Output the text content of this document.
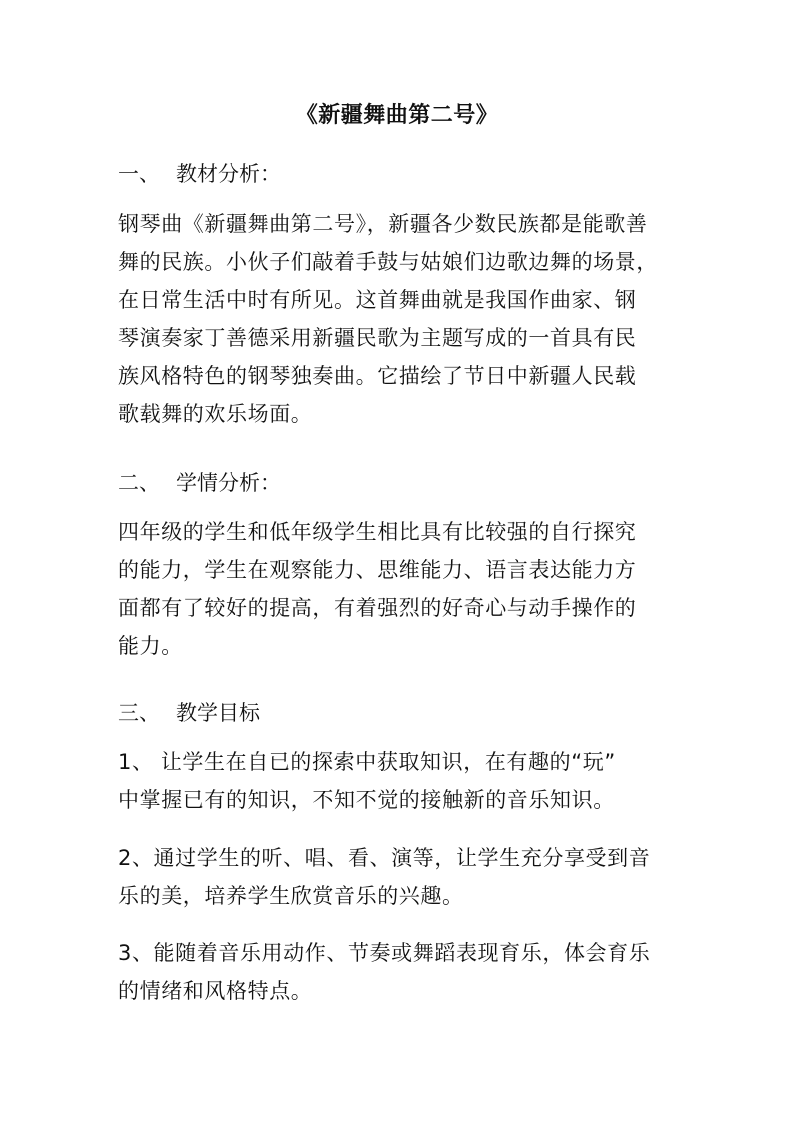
《新疆舞曲第二号》
一、 教材分析：
钢琴曲《新疆舞曲第二号》，新疆各少数民族都是能歌善
舞的民族。小伙子们敲着手鼓与姑娘们边歌边舞的场景，
在日常生活中时有所见。这首舞曲就是我国作曲家、钢
琴演奏家丁善德采用新疆民歌为主题写成的一首具有民
族风格特色的钢琴独奏曲。它描绘了节日中新疆人民载
歌载舞的欢乐场面。
二、 学情分析：
四年级的学生和低年级学生相比具有比较强的自行探究
的能力，学生在观察能力、思维能力、语言表达能力方
面都有了较好的提高，有着强烈的好奇心与动手操作的
能力。
三、 教学目标
1、 让学生在自已的探索中获取知识，在有趣的“玩”
中掌握已有的知识，不知不觉的接触新的音乐知识。
2、通过学生的听、唱、看、演等，让学生充分享受到音
乐的美，培养学生欣赏音乐的兴趣。
3、能随着音乐用动作、节奏或舞蹈表现育乐，体会育乐
的情绪和风格特点。
